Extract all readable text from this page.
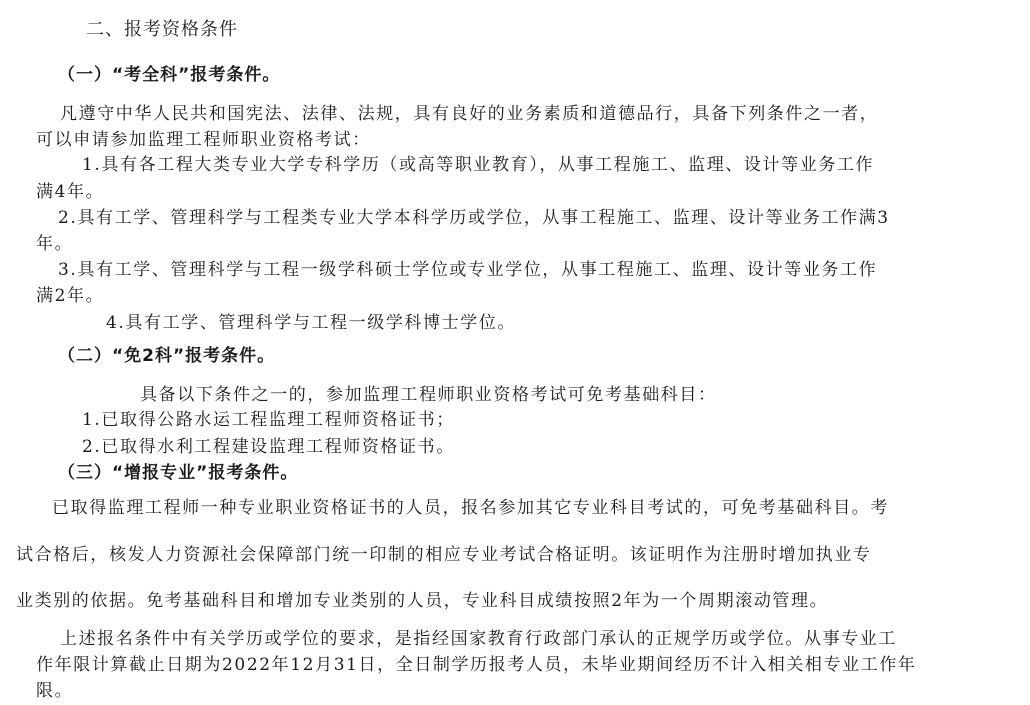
二、报考资格条件
（一）“考全科”报考条件。
凡遵守中华人民共和国宪法、法律、法规，具有良好的业务素质和道德品行，具备下列条件之一者，
可以申请参加监理工程师职业资格考试：
1.具有各工程大类专业大学专科学历（或高等职业教育），从事工程施工、监理、设计等业务工作
满4年。
2.具有工学、管理科学与工程类专业大学本科学历或学位，从事工程施工、监理、设计等业务工作满3
年。
3.具有工学、管理科学与工程一级学科硕士学位或专业学位，从事工程施工、监理、设计等业务工作
满2年。
4.具有工学、管理科学与工程一级学科博士学位。
（二）“免2科”报考条件。
具备以下条件之一的，参加监理工程师职业资格考试可免考基础科目：
1.已取得公路水运工程监理工程师资格证书；
2.已取得水利工程建设监理工程师资格证书。
（三）“增报专业”报考条件。
已取得监理工程师一种专业职业资格证书的人员，报名参加其它专业科目考试的，可免考基础科目。考
试合格后，核发人力资源社会保障部门统一印制的相应专业考试合格证明。该证明作为注册时增加执业专
业类别的依据。免考基础科目和增加专业类别的人员，专业科目成绩按照2年为一个周期滚动管理。
上述报名条件中有关学历或学位的要求，是指经国家教育行政部门承认的正规学历或学位。从事专业工
作年限计算截止日期为2022年12月31日，全日制学历报考人员，未毕业期间经历不计入相关相专业工作年
限。
